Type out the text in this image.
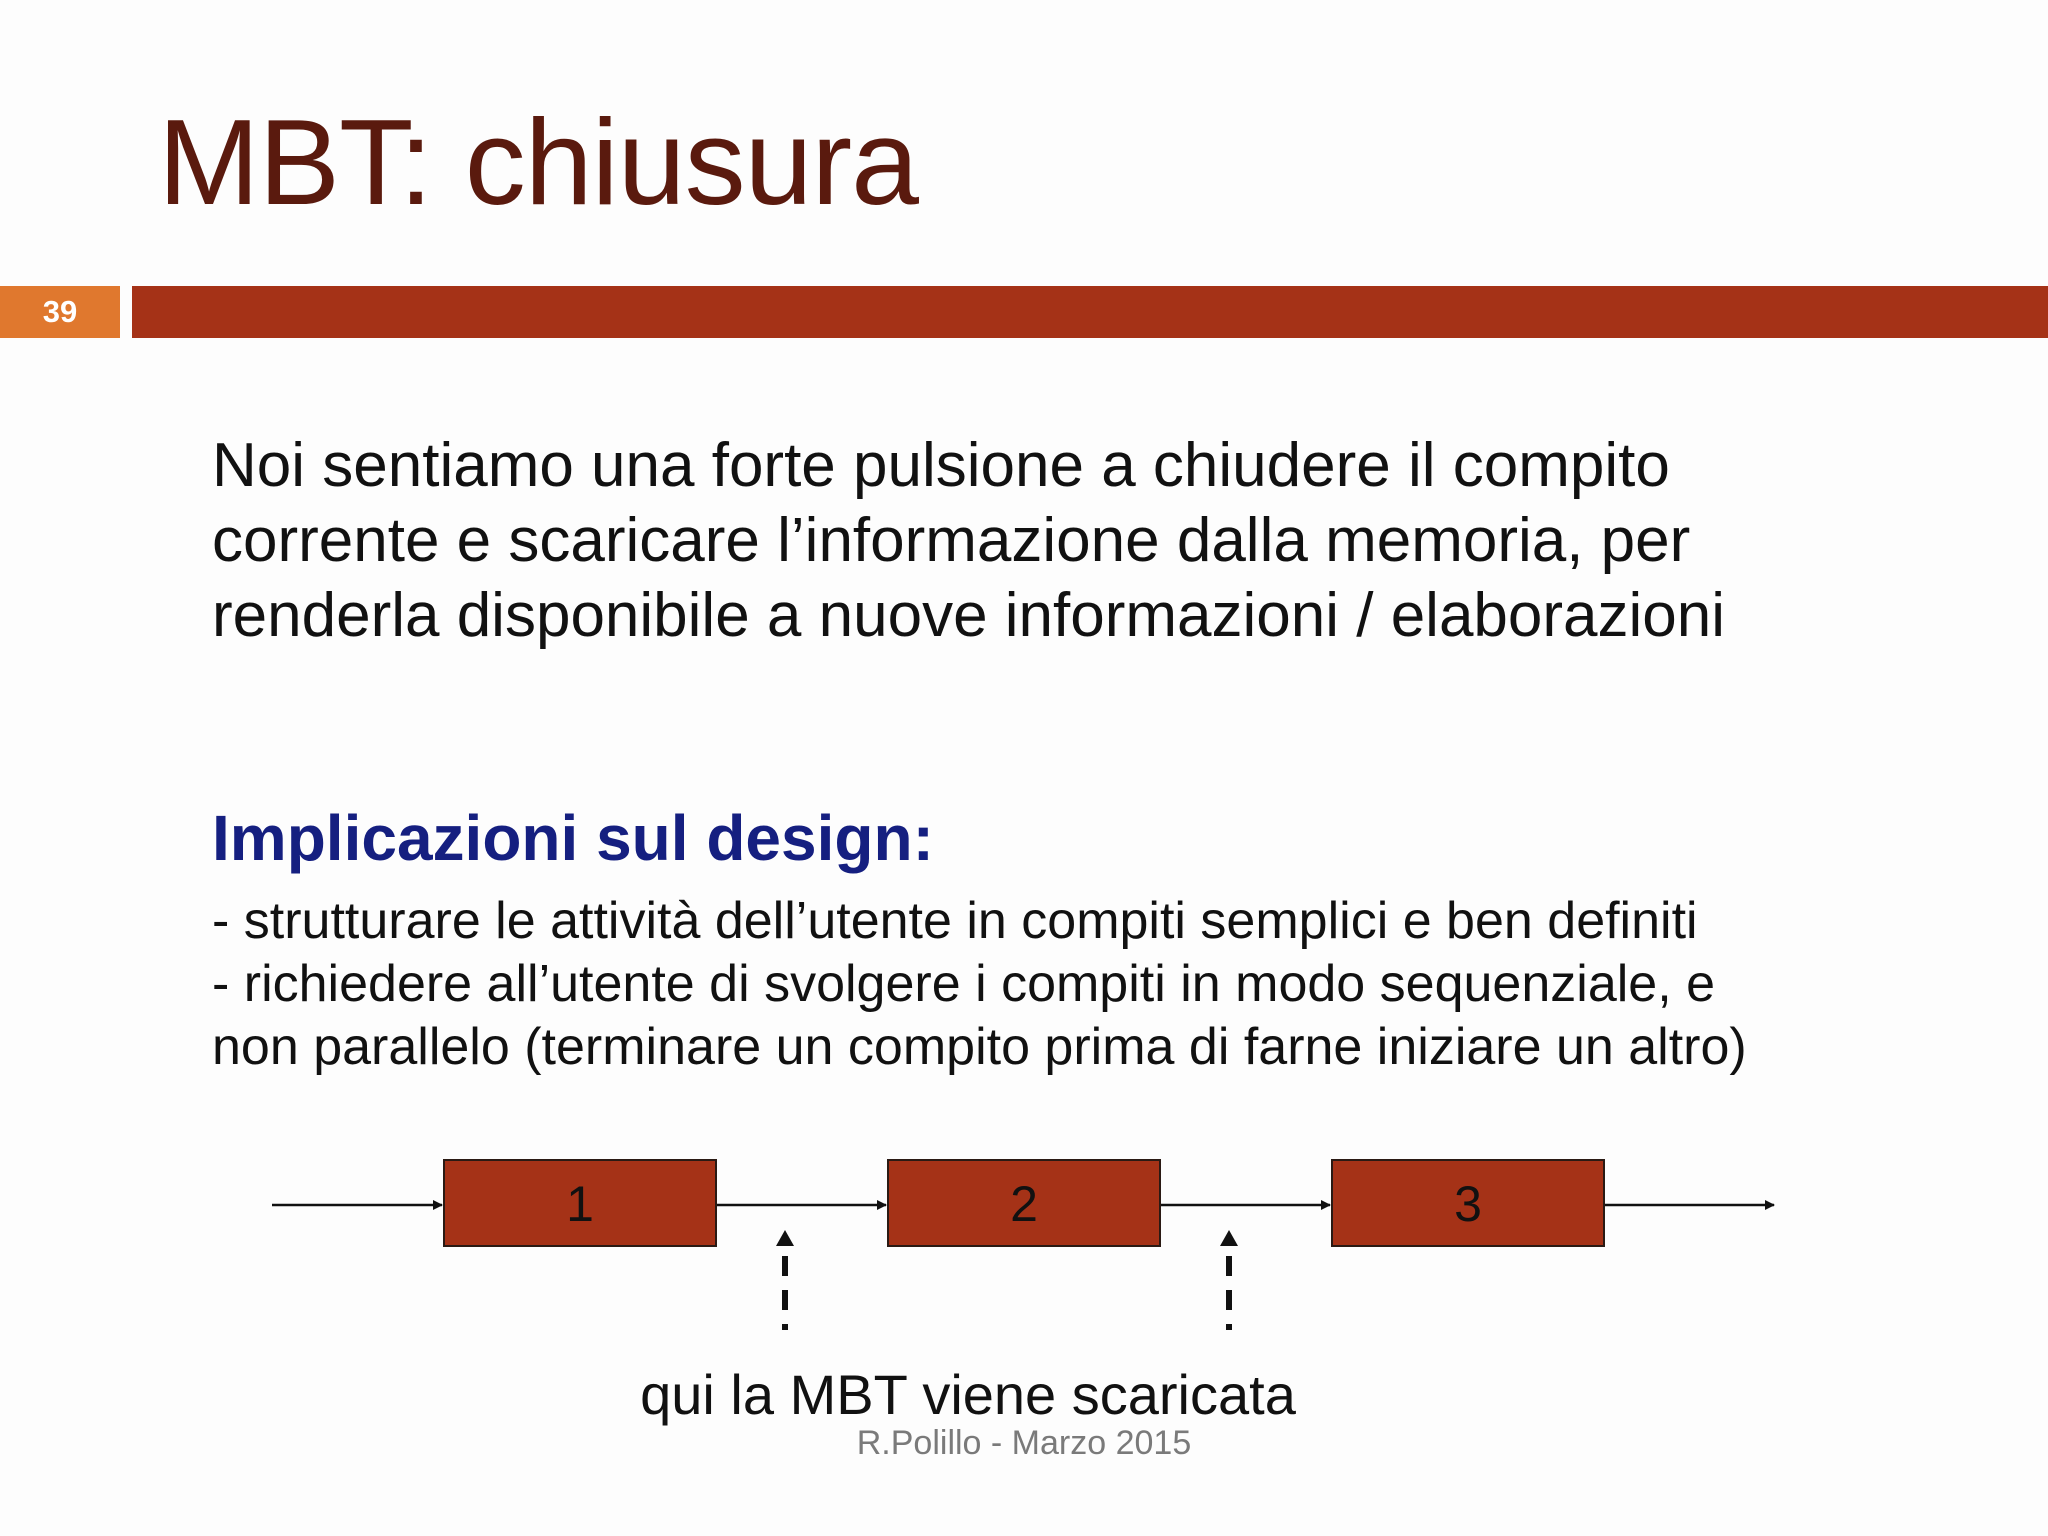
MBT: chiusura
39

Noi sentiamo una forte pulsione a chiudere il compito
corrente e scaricare l’informazione dalla memoria, per
renderla disponibile a nuove informazioni / elaborazioni

Implicazioni sul design:
- strutturare le attività dell’utente in compiti semplici e ben definiti
- richiedere all’utente di svolgere i compiti in modo sequenziale, e
non parallelo (terminare un compito prima di farne iniziare un altro)
1	2	3
qui la MBT viene scaricata
R.Polillo - Marzo 2015
